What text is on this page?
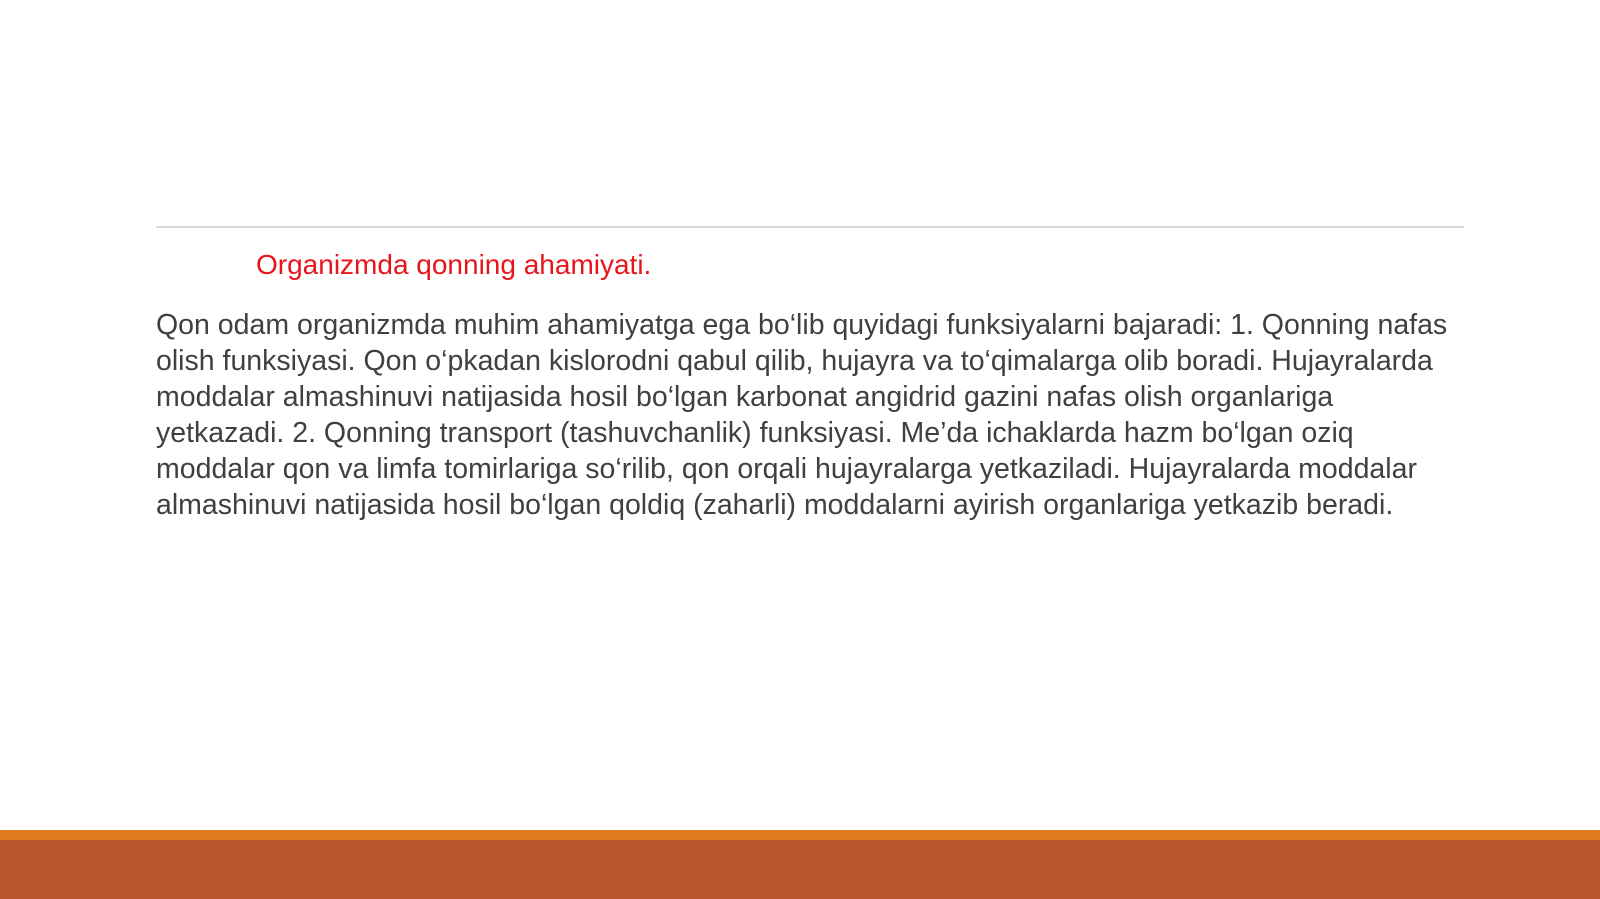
Organizmda qonning ahamiyati.

Qon odam organizmda muhim ahamiyatga ega bo‘lib quyidagi funksiyalarni bajaradi: 1. Qonning nafas olish funksiyasi. Qon o‘pkadan kislorodni qabul qilib, hujayra va to‘qimalarga olib boradi. Hujayralarda moddalar almashinuvi natijasida hosil bo‘lgan karbonat angidrid gazini nafas olish organlariga yetkazadi. 2. Qonning transport (tashuvchanlik) funksiyasi. Me’da ichaklarda hazm bo‘lgan oziq moddalar qon va limfa tomirlariga so‘rilib, qon orqali hujayralarga yetkaziladi. Hujayralarda moddalar almashinuvi natijasida hosil bo‘lgan qoldiq (zaharli) moddalarni ayirish organlariga yetkazib beradi.
